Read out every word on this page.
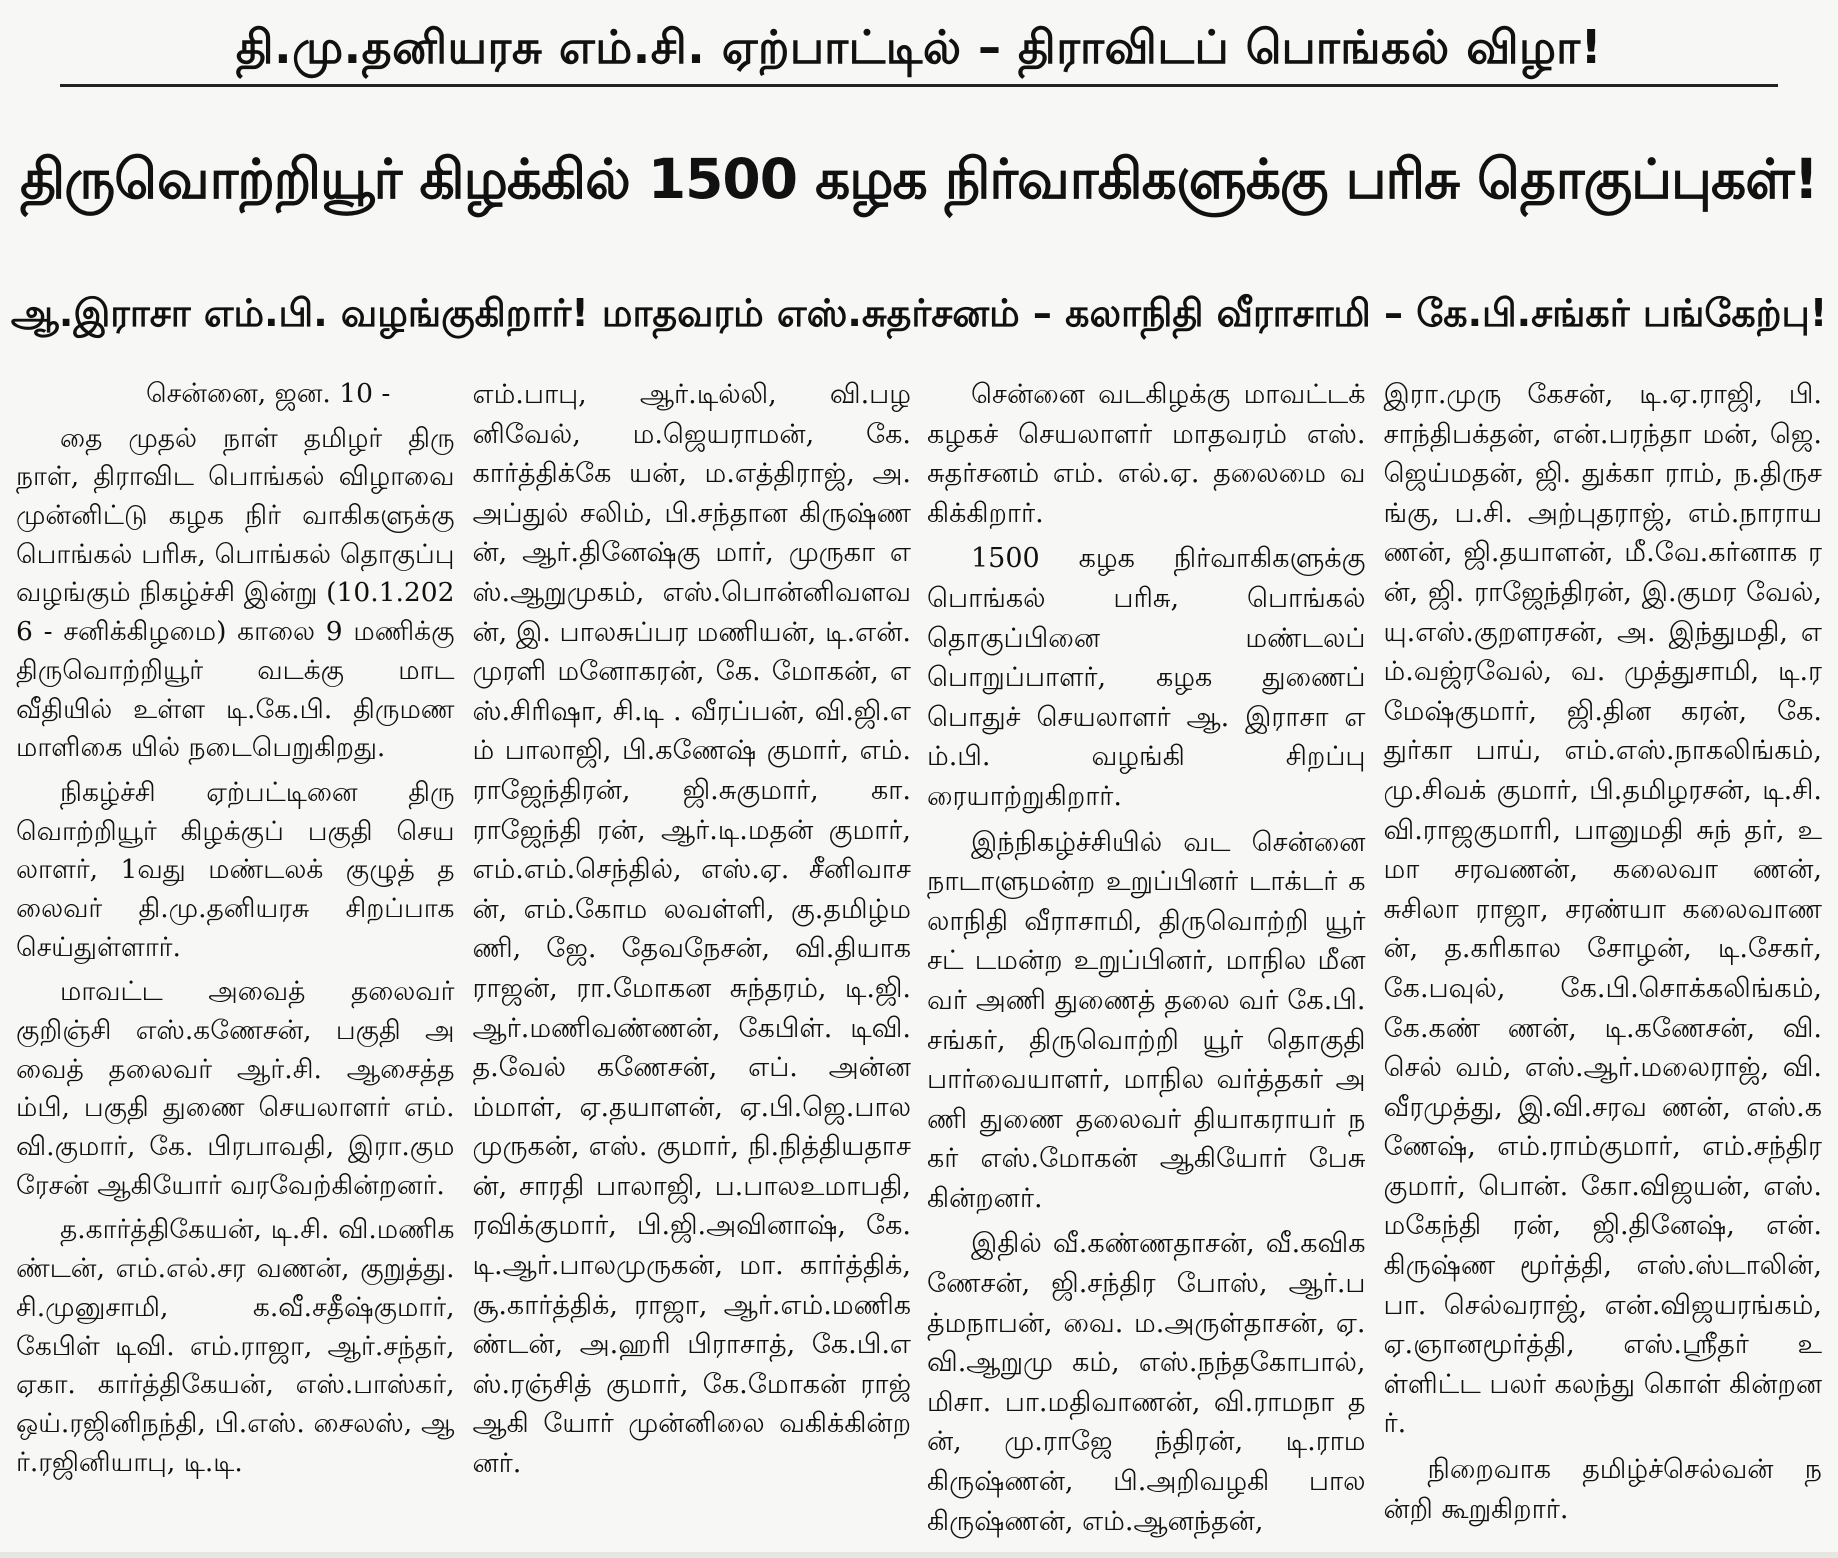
தி.மு.தனியரசு எம்.சி. ஏற்பாட்டில் – திராவிடப் பொங்கல் விழா!
திருவொற்றியூர் கிழக்கில் 1500 கழக நிர்வாகிகளுக்கு பரிசு தொகுப்புகள்!
ஆ.இராசா எம்.பி. வழங்குகிறார்! மாதவரம் எஸ்.சுதர்சனம் – கலாநிதி வீராசாமி – கே.பி.சங்கர் பங்கேற்பு!

சென்னை, ஜன. 10 -

தை முதல் நாள் தமிழர் திரு நாள், திராவிட பொங்கல் விழாவை முன்னிட்டு கழக நிர் வாகிகளுக்கு பொங்கல் பரிசு, பொங்கல் தொகுப்பு வழங்கும் நிகழ்ச்சி இன்று (10.1.2026 - சனிக்கிழமை) காலை 9 மணிக்கு திருவொற்றியூர் வடக்கு மாட வீதியில் உள்ள டி.கே.பி. திருமண மாளிகை யில் நடைபெறுகிறது.

நிகழ்ச்சி ஏற்பட்டினை திரு வொற்றியூர் கிழக்குப் பகுதி செயலாளர், 1வது மண்டலக் குழுத் தலைவர் தி.மு.தனியரசு சிறப்பாக செய்துள்ளார்.

மாவட்ட அவைத் தலைவர் குறிஞ்சி எஸ்.கணேசன், பகுதி அவைத் தலைவர் ஆர்.சி. ஆசைத்தம்பி, பகுதி துணை செயலாளர் எம்.வி.குமார், கே. பிரபாவதி, இரா.குமரேசன் ஆகியோர் வரவேற்கின்றனர்.

த.கார்த்திகேயன், டி.சி. வி.மணிகண்டன், எம்.எல்.சர வணன், குறுத்து.சி.முனுசாமி, க.வீ.சதீஷ்குமார், கேபிள் டிவி. எம்.ராஜா, ஆர்.சந்தர், ஏகா. கார்த்திகேயன், எஸ்.பாஸ்கர், ஒய்.ரஜினிநந்தி, பி.எஸ். சைலஸ், ஆர்.ரஜினியாபு, டி.டி.

எம்.பாபு, ஆர்.டில்லி, வி.பழ னிவேல், ம.ஜெயராமன், கே. கார்த்திக்கே யன், ம.எத்திராஜ், அ.அப்துல் சலிம், பி.சந்தான கிருஷ்ணன், ஆர்.தினேஷ்கு மார், முருகா எஸ்.ஆறுமுகம், எஸ்.பொன்னிவளவன், இ. பாலசுப்பர மணியன், டி.என். முரளி மனோகரன், கே. மோகன், எஸ்.சிரிஷா, சி.டி . வீரப்பன், வி.ஜி.எம் பாலாஜி, பி.கணேஷ் குமார், எம். ராஜேந்திரன், ஜி.சுகுமார், கா.ராஜேந்தி ரன், ஆர்.டி.மதன் குமார், எம்.எம்.செந்தில், எஸ்.ஏ. சீனிவாசன், எம்.கோம லவள்ளி, கு.தமிழ்மணி, ஜே. தேவநேசன், வி.தியாகராஜன், ரா.மோகன சுந்தரம், டி.ஜி. ஆர்.மணிவண்ணன், கேபிள். டிவி.த.வேல் கணேசன், எப். அன்னம்மாள், ஏ.தயாளன், ஏ.பி.ஜெ.பாலமுருகன், எஸ். குமார், நி.நித்தியதாசன், சாரதி பாலாஜி, ப.பாலஉமாபதி, ரவிக்குமார், பி.ஜி.அவினாஷ், கே.டி.ஆர்.பாலமுருகன், மா. கார்த்திக், சூ.கார்த்திக், ராஜா, ஆர்.எம்.மணிகண்டன், அ.ஹரி பிராசாத், கே.பி.எஸ்.ரஞ்சித் குமார், கே.மோகன் ராஜ் ஆகி யோர் முன்னிலை வகிக்கின்ற னர்.

சென்னை வடகிழக்கு மாவட்டக் கழகச் செயலாளர் மாதவரம் எஸ்.சுதர்சனம் எம். எல்.ஏ. தலைமை வகிக்கிறார்.

1500 கழக நிர்வாகிகளுக்கு பொங்கல் பரிசு, பொங்கல் தொகுப்பினை மண்டலப் பொறுப்பாளர், கழக துணைப் பொதுச் செயலாளர் ஆ. இராசா எம்.பி. வழங்கி சிறப்பு ரையாற்றுகிறார்.

இந்நிகழ்ச்சியில் வட சென்னை நாடாளுமன்ற உறுப்பினர் டாக்டர் கலாநிதி வீராசாமி, திருவொற்றி யூர் சட் டமன்ற உறுப்பினர், மாநில மீனவர் அணி துணைத் தலை வர் கே.பி.சங்கர், திருவொற்றி யூர் தொகுதி பார்வையாளர், மாநில வர்த்தகர் அணி துணை தலைவர் தியாகராயர் நகர் எஸ்.மோகன் ஆகியோர் பேசு கின்றனர்.

இதில் வீ.கண்ணதாசன், வீ.கவிகணேசன், ஜி.சந்திர போஸ், ஆர்.பத்மநாபன், வை. ம.அருள்தாசன், ஏ.வி.ஆறுமு கம், எஸ்.நந்தகோபால், மிசா. பா.மதிவாணன், வி.ராமநா தன், மு.ராஜே ந்திரன், டி.ராம கிருஷ்ணன், பி.அறிவழகி பால கிருஷ்ணன், எம்.ஆனந்தன்,

இரா.முரு கேசன், டி.ஏ.ராஜி, பி.சாந்திபக்தன், என்.பரந்தா மன், ஜெ.ஜெய்மதன், ஜி. துக்கா ராம், ந.திருசங்கு, ப.சி. அற்புதராஜ், எம்.நாராயணன், ஜி.தயாளன், மீ.வே.கர்னாக ரன், ஜி. ராஜேந்திரன், இ.குமர வேல், யு.எஸ்.குறளரசன், அ. இந்துமதி, எம்.வஜ்ரவேல், வ. முத்துசாமி, டி.ரமேஷ்குமார், ஜி.தின கரன், கே.துர்கா பாய், எம்.எஸ்.நாகலிங்கம், மு.சிவக் குமார், பி.தமிழரசன், டி.சி. வி.ராஜகுமாரி, பானுமதி சுந் தர், உமா சரவணன், கலைவா ணன், சுசிலா ராஜா, சரண்யா கலைவாணன், த.கரிகால சோழன், டி.சேகர், கே.பவுல், கே.பி.சொக்கலிங்கம், கே.கண் ணன், டி.கணேசன், வி.செல் வம், எஸ்.ஆர்.மலைராஜ், வி.வீரமுத்து, இ.வி.சரவ ணன், எஸ்.கணேஷ், எம்.ராம்குமார், எம்.சந்திரகுமார், பொன். கோ.விஜயன், எஸ்.மகேந்தி ரன், ஜி.தினேஷ், என்.கிருஷ்ண மூர்த்தி, எஸ்.ஸ்டாலின், பா. செல்வராஜ், என்.விஜயரங்கம், ஏ.ஞானமூர்த்தி, எஸ்.ஸ்ரீதர் உள்ளிட்ட பலர் கலந்து கொள் கின்றனர்.

நிறைவாக தமிழ்ச்செல்வன் நன்றி கூறுகிறார்.
